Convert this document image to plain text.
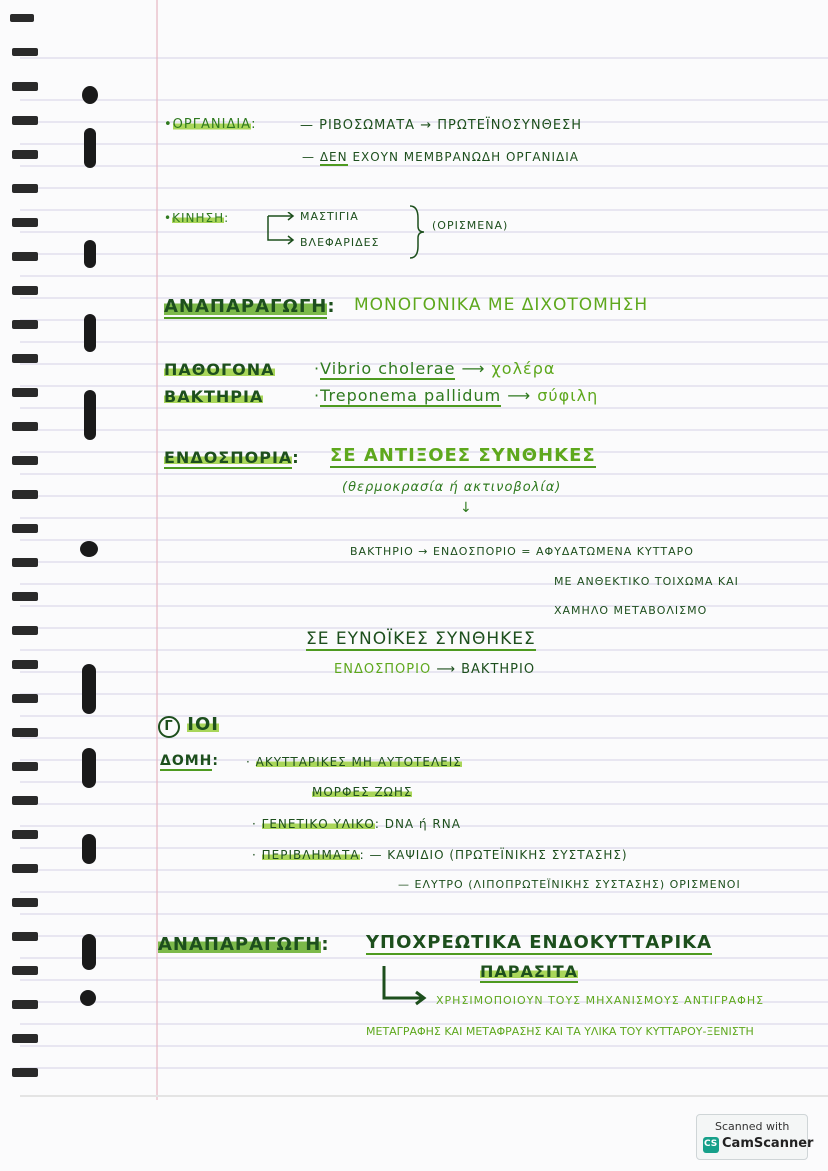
•ΟΡΓΑΝΙΔΙΑ:	— ΡΙΒΟΣΩΜΑΤΑ → ΠΡΩΤΕΪΝΟΣΥΝΘΕΣΗ
— ΔΕΝ ΕΧΟΥΝ ΜΕΜΒΡΑΝΩΔΗ ΟΡΓΑΝΙΔΙΑ
•ΚΙΝΗΣΗ:	ΜΑΣΤΙΓΙΑ
ΒΛΕΦΑΡΙΔΕΣ
(ΟΡΙΣΜΕΝΑ)
ΑΝΑΠΑΡΑΓΩΓΗ: ΜΟΝΟΓΟΝΙΚΑ ΜΕ ΔΙΧΟΤΟΜΗΣΗ
ΠΑΘΟΓΟΝΑ
ΒΑΚΤΗΡΙΑ
·Vibrio cholerae ⟶ χολέρα
·Treponema pallidum ⟶ σύφιλη
ΕΝΔΟΣΠΟΡΙΑ: ΣΕ ΑΝΤΙΞΟΕΣ ΣΥΝΘΗΚΕΣ
(θερμοκρασία ή ακτινοβολία)
↓
ΒΑΚΤΗΡΙΟ → ΕΝΔΟΣΠΟΡΙΟ = ΑΦΥΔΑΤΩΜΕΝΑ ΚΥΤΤΑΡΟ
ΜΕ ΑΝΘΕΚΤΙΚΟ ΤΟΙΧΩΜΑ ΚΑΙ
ΧΑΜΗΛΟ ΜΕΤΑΒΟΛΙΣΜΟ
ΣΕ ΕΥΝΟΪΚΕΣ ΣΥΝΘΗΚΕΣ
ΕΝΔΟΣΠΟΡΙΟ ⟶ ΒΑΚΤΗΡΙΟ
Γ ΙΟΙ
ΔΟΜΗ: · ΑΚΥΤΤΑΡΙΚΕΣ ΜΗ ΑΥΤΟΤΕΛΕΙΣ
ΜΟΡΦΕΣ ΖΩΗΣ
· ΓΕΝΕΤΙΚΟ ΥΛΙΚΟ: DNA ή RNA
· ΠΕΡΙΒΛΗΜΑΤΑ: — ΚΑΨΙΔΙΟ (ΠΡΩΤΕΪΝΙΚΗΣ ΣΥΣΤΑΣΗΣ)
— ΕΛΥΤΡΟ (ΛΙΠΟΠΡΩΤΕΪΝΙΚΗΣ ΣΥΣΤΑΣΗΣ) ΟΡΙΣΜΕΝΟΙ
ΑΝΑΠΑΡΑΓΩΓΗ: ΥΠΟΧΡΕΩΤΙΚΑ ΕΝΔΟΚΥΤΤΑΡΙΚΑ
ΠΑΡΑΣΙΤΑ
ΧΡΗΣΙΜΟΠΟΙΟΥΝ ΤΟΥΣ ΜΗΧΑΝΙΣΜΟΥΣ ΑΝΤΙΓΡΑΦΗΣ
ΜΕΤΑΓΡΑΦΗΣ ΚΑΙ ΜΕΤΑΦΡΑΣΗΣ ΚΑΙ ΤΑ ΥΛΙΚΑ ΤΟΥ ΚΥΤΤΑΡΟΥ-ΞΕΝΙΣΤΗ
Scanned with
CS CamScanner
